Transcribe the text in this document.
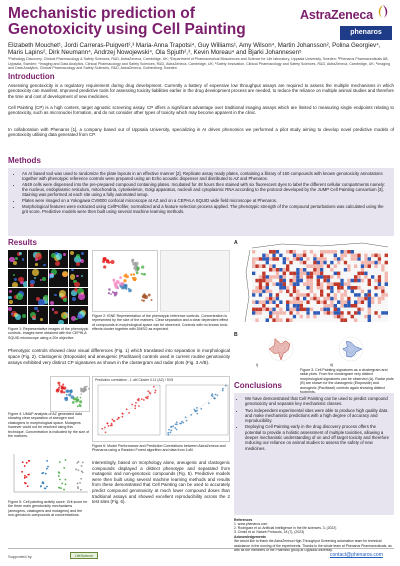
Mechanistic prediction of Genotoxicity using Cell Painting
AstraZeneca
phenaros
Elizabeth Mouchet¹, Jordi Carreras-Puigvert²,³ Maria-Anna Trapotsi⁴, Guy Williams¹, Amy Wilson⁴, Martin Johansson², Polina Georgiev⁴, Maris Lapins², Dirk Neumann⁴, Andrzej Nowojewski⁴, Ola Spjuth²,³, Kevin Moreau⁴ and Bjarki Johannesen⁵
¹Pathology Discovery, Clinical Pharmacology & Safety Sciences, R&D, AstraZeneca, Cambridge, UK; ²Department of Pharmaceutical Biosciences and Science for Life laboratory, Uppsala University, Sweden; ³Phenaros Pharmaceuticals AB, Uppsala, Sweden; ⁴Imaging and Data Analytics, Clinical Pharmacology and Safety Sciences, R&D, AstraZeneca, Cambridge, UK; ⁵Safety Innovation, Clinical Pharmacology and Safety Sciences, R&D, AstraZeneca, Cambridge, UK; ⁶Imaging and Data Analytics, Clinical Pharmacology and Safety Sciences, R&D, AstraZeneca, Gothenburg, Sweden
Introduction
Assessing genotoxicity is a regulatory requirement during drug development. Currently a battery of expensive low throughput assays are required to assess the multiple mechanisms in which genotoxicity can manifest. Improved predictive tools for assessing toxicity liabilities earlier in the drug development process are needed, to reduce the reliance on multiple animal studies and therefore the time and cost of development of new medicines.
Cell Painting (CP) is a high content, target agnostic screening assay. CP offers a significant advantage over traditional imaging assays which are limited to measuring single endpoints relating to genotoxicity, such as micronuclei formation, and do not consider other types of toxicity which may become apparent in the clinic.
In collaboration with Phenaros [1], a company based out of Uppsala University, specializing in AI driven phenomics we performed a pilot study aiming to develop novel predictive models of genotoxicity utilising data generated from CP.
Methods
• An AI based tool was used to randomize the plate layouts in an effective manner [2]. Replicate assay ready plates, containing a library of 150 compounds with known genotoxicity annotations together with phenotypic reference controls were prepared using an Echo acoustic dispenser and distributed to AZ and Phenaros.
• A549 cells were dispensed into the pre-prepared compound containing plates. Incubated for 48 hours then stained with six fluorescent dyes to label the different cellular compartments namely: the nucleus, endoplasmic reticulum, mitochondria, cytoskeleton, Golgi apparatus, nucleoli and cytoplasmic RNA according to the protocol developed by the JUMP Cell Painting consortium [3]. Staining was performed at each site using a fully automated setup.
• Plates were imaged on a Yokogawa CV8000 confocal microscope at AZ and on a CEPHLA SQUID wide field microscope at Phenaros.
• Morphological features were extracted using CellProfiler, normalized and a feature selection process applied. The phenotypic strength of the compound perturbations was calculated using the grit score. Predictive models were then built using several machine learning methods.
Results
Figure 1: Representative images of the phenotypic controls. Images were obtained with the CEPHLA SQUID microscope using a 20x objective.
Figure 2: tSNE Representation of the phenotypic reference controls. Concentration is represented by the size of the markers. Clear separation and a clear dependent effect of compounds in morphological space can be observed. Controls with no known toxic effects cluster together with DMSO as expected.
Phenotypic controls showed clear visual differences (Fig. 1) which translated into separation in morphological space (Fig. 2). Clastogenic (Etoposide) and aneugenic (Paclitaxel) controls used in current routine genotoxicity assays exhibited very distinct CP signatures as shown in the clustergram and radar plots (Fig. 3 A/B).
A
B
i)	ii)
Figure 3: Cell Painting signatures as a clustergram and radar plots. From the clustergram very distinct morphological signatures can be observed (A). Radar plots (B) are shown for the clastogenic (Etoposide) and aneugenic (Paclitaxel) controls again showing distinct
Figure 4: UMAP analysis of AZ generated data showing clear separation of aneugen and clastogens in morphological space. Mutagens however could not be resolved using this technique. Concentration is indicated by the size of the markers.
Figure 5: Cell painting activity score. Grit score for the three main genotoxicity mechanisms (aneugens, clastogens and mutagens) and the non-genotoxic compounds at concentrations.
Prediction correlation - 1 uM Cluster 0.11 (AZ) / SV5
Figure 6: Model Performance and Prediction Correlations between AstraZeneca and Phenaros using a Random Forest algorithm and data from 1uM.
Interestingly, based on morphology alone, aneugenic and clastogenic compounds displayed a distinct phenotype and separated from mutagenic and non-genotoxic compounds (Fig. 5). Predictive models were then built using several machine learning methods and results from these demonstrated that Cell Painting can be used to accurately predict compound genotoxicity at much lower compound doses than traditional assays and showed excellent reproducibility across the 2 test sites (Fig. 6).
Conclusions
• We have demonstrated that Cell Painting can be used to predict compound genotoxicity and separate key mechanistic classes.
• Two independent experimental sites were able to produce high quality data and make mechanistic predictions with a high degree of accuracy and reproducibility.
• Deploying Cell Painting early in the drug discovery process offers the potential to provide a holistic assessment of multiple toxicities, allowing a deeper mechanistic understanding of on and off target toxicity and therefore reducing our reliance on animal studies to assess the safety of new medicines.
References
1. www.phenaros.com
2. Rodriguez et al. Artificial Intelligence in the life sciences, 3, (2022)
3. Cimini et al. Nature Protocols, 18 (7), (2023)
Acknowledgements
We would like to thank the AstraZeneca High-Throughput Screening automation team for technical assistance in the running of the experiments. Thanks to the whole team at Phenaros Pharmaceuticals, as well as the members of the Pharmbio group at Uppsala university.
Supported by	LifeScience	contact@phenaros.com
